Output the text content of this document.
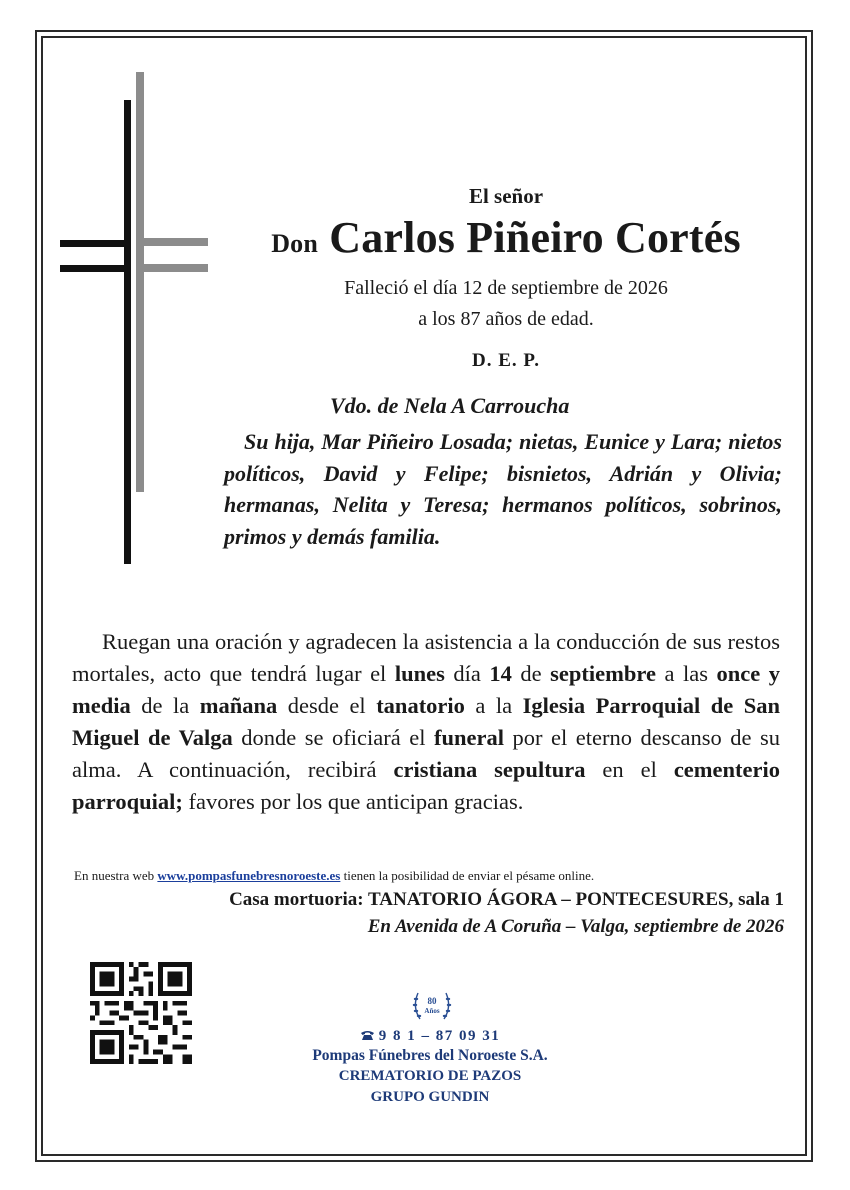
El señor
Don Carlos Piñeiro Cortés
Falleció el día 12 de septiembre de 2026
a los 87 años de edad.
D. E. P.
Vdo. de Nela A Carroucha
Su hija, Mar Piñeiro Losada; nietas, Eunice y Lara; nietos políticos, David y Felipe; bisnietos, Adrián y Olivia; hermanas, Nelita y Teresa; hermanos políticos, sobrinos, primos y demás familia.
Ruegan una oración y agradecen la asistencia a la conducción de sus restos mortales, acto que tendrá lugar el lunes día 14 de septiembre a las once y media de la mañana desde el tanatorio a la Iglesia Parroquial de San Miguel de Valga donde se oficiará el funeral por el eterno descanso de su alma. A continuación, recibirá cristiana sepultura en el cementerio parroquial; favores por los que anticipan gracias.
En nuestra web www.pompasfunebresnoroeste.es tienen la posibilidad de enviar el pésame online.
Casa mortuoria: TANATORIO ÁGORA – PONTECESURES, sala 1
En Avenida de A Coruña – Valga, septiembre de 2026
80
Años
9 8 1 – 87 09 31
Pompas Fúnebres del Noroeste S.A.
CREMATORIO DE PAZOS
GRUPO GUNDIN
